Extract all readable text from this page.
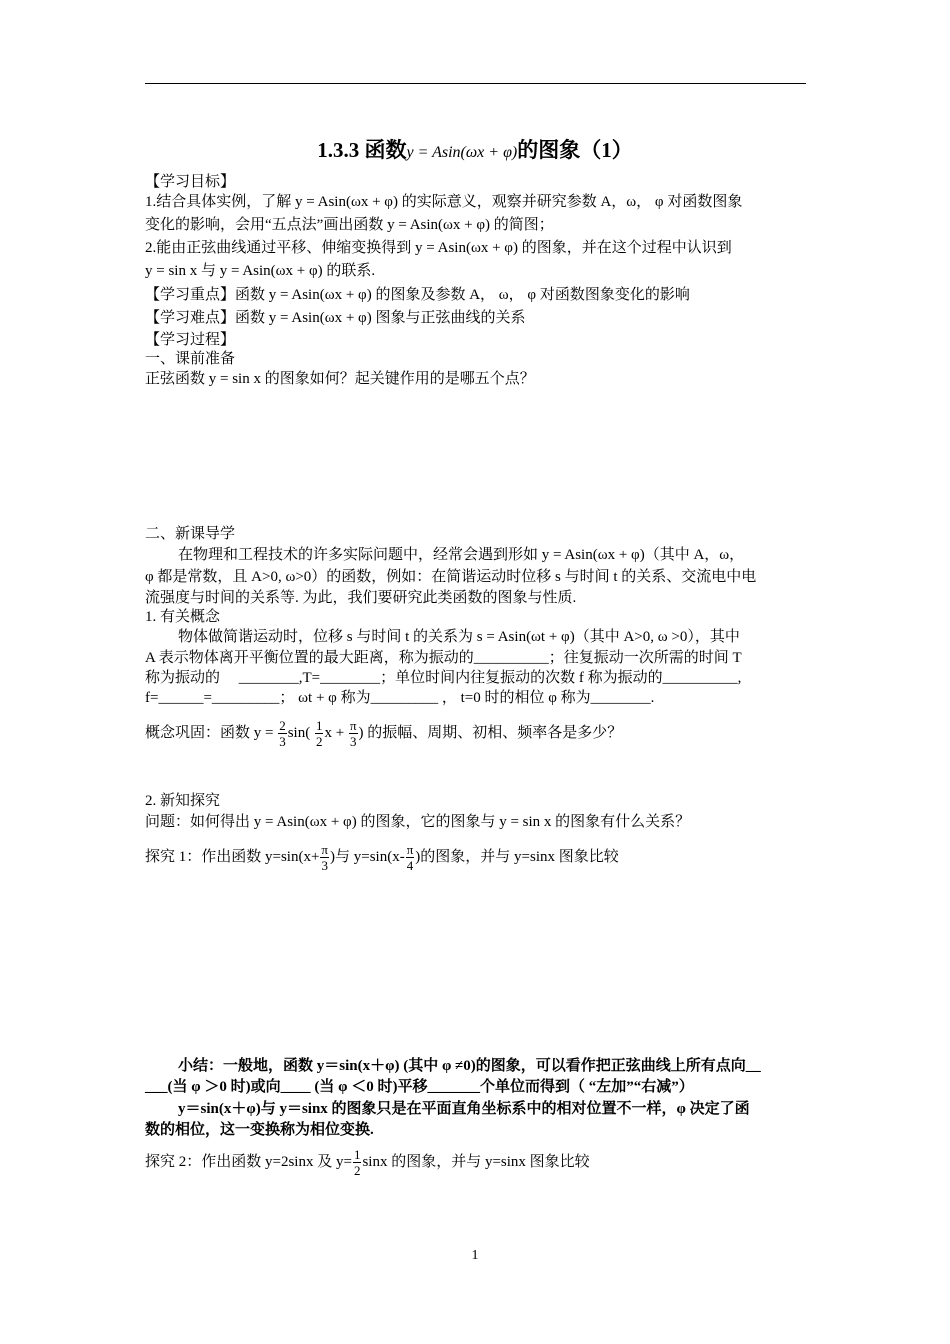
1.3.3 函数y = Asin(ωx + φ)的图象（1）
【学习目标】
1.结合具体实例，了解 y = Asin(ωx + φ) 的实际意义，观察并研究参数 A，ω， φ 对函数图象
变化的影响，会用“五点法”画出函数 y = Asin(ωx + φ) 的简图；
2.能由正弦曲线通过平移、伸缩变换得到 y = Asin(ωx + φ) 的图象，并在这个过程中认识到
y = sin x 与 y = Asin(ωx + φ) 的联系.
【学习重点】函数 y = Asin(ωx + φ) 的图象及参数 A， ω， φ 对函数图象变化的影响
【学习难点】函数 y = Asin(ωx + φ) 图象与正弦曲线的关系
【学习过程】
一、课前准备
正弦函数 y = sin x 的图象如何？起关键作用的是哪五个点？
二、新课导学
在物理和工程技术的许多实际问题中，经常会遇到形如 y = Asin(ωx + φ)（其中 A，ω，
φ 都是常数，且 A>0, ω>0）的函数，例如：在简谐运动时位移 s 与时间 t 的关系、交流电中电
流强度与时间的关系等. 为此，我们要研究此类函数的图象与性质.
1. 有关概念
物体做简谐运动时，位移 s 与时间 t 的关系为 s = Asin(ωt + φ)（其中 A>0, ω >0），其中
A 表示物体离开平衡位置的最大距离，称为振动的__________；往复振动一次所需的时间 T
称为振动的　 ________,T=________；单位时间内往复振动的次数 f 称为振动的__________,
f=______=_________； ωt + φ 称为_________ ， t=0 时的相位 φ 称为________.
概念巩固：函数 $y = \frac{2}{3} \sin( \frac{1}{2}$ $x + \frac{\pi}{3}$ ) 的振幅、周期、初相、频率各是多少？
2. 新知探究
问题：如何得出 y = Asin(ωx + φ) 的图象，它的图象与 y = sin x 的图象有什么关系？
探究 1：作出函数 $y=\sin(x+ \frac{\pi}{3}$ )与 $y=\sin(x- \frac{\pi}{4}$ )的图象，并与 y=sinx 图象比较
小结：一般地，函数 y＝sin(x＋φ) (其中 φ ≠0)的图象，可以看作把正弦曲线上所有点向__
___(当 φ ＞0 时)或向____ (当 φ ＜0 时)平移_______个单位而得到（ “左加”“右减”）
y＝sin(x＋φ)与 y＝sinx 的图象只是在平面直角坐标系中的相对位置不一样，φ 决定了函
数的相位，这一变换称为相位变换.
探究 2：作出函数 y=2sinx 及 $y= \frac{1}{2}$ sinx 的图象，并与 y=sinx 图象比较
1
